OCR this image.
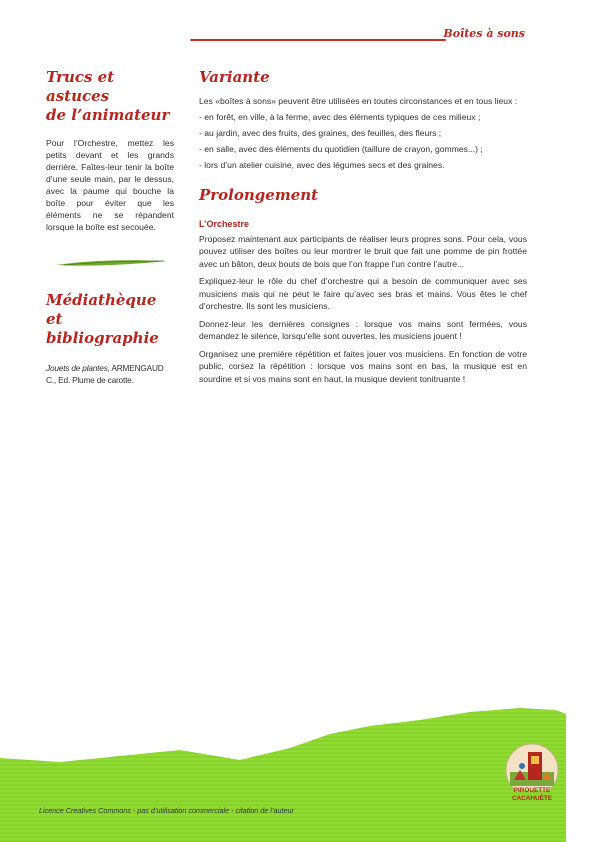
Boîtes à sons
Trucs et astuces
de l’animateur
Pour l’Orchestre, mettez les petits devant et les grands derrière. Faîtes-leur tenir la boîte d’une seule main, par le dessus, avec la paume qui bouche la boîte pour éviter que les éléments ne se répandent lorsque la boîte est secouée.
Médiathèque et
bibliographie
Jouets de plantes, ARMENGAUD C., Ed. Plume de carotte.
Variante

Les «boîtes à sons» peuvent être utilisées en toutes circonstances et en tous lieux :

- en forêt, en ville, à la ferme, avec des éléments typiques de ces milieux ;

- au jardin, avec des fruits, des graines, des feuilles, des fleurs ;

- en salle, avec des éléments du quotidien (taillure de crayon, gommes...) ;

- lors d’un atelier cuisine, avec des légumes secs et des graines.

Prolongement
L’Orchestre

Proposez maintenant aux participants de réaliser leurs propres sons. Pour cela, vous pouvez utiliser des boîtes ou leur montrer le bruit que fait une pomme de pin frottée avec un bâton, deux bouts de bois que l’on frappe l’un contre l’autre...

Expliquez-leur le rôle du chef d’orchestre qui a besoin de communiquer avec ses musiciens mais qui ne peut le faire qu’avec ses bras et mains. Vous êtes le chef d’orchestre. Ils sont les musiciens.

Donnez-leur les dernières consignes : lorsque vos mains sont fermées, vous demandez le silence, lorsqu’elle sont ouvertes, les musiciens jouent !

Organisez une première répétition et faites jouer vos musiciens. En fonction de votre public, corsez la répétition : lorsque vos mains sont en bas, la musique est en sourdine et si vos mains sont en haut, la musique devient tonitruante !

Licence Creatives Commons - pas d’utilisation commerciale - citation de l’auteur
PIROUETTE
CACAHUÈTE
